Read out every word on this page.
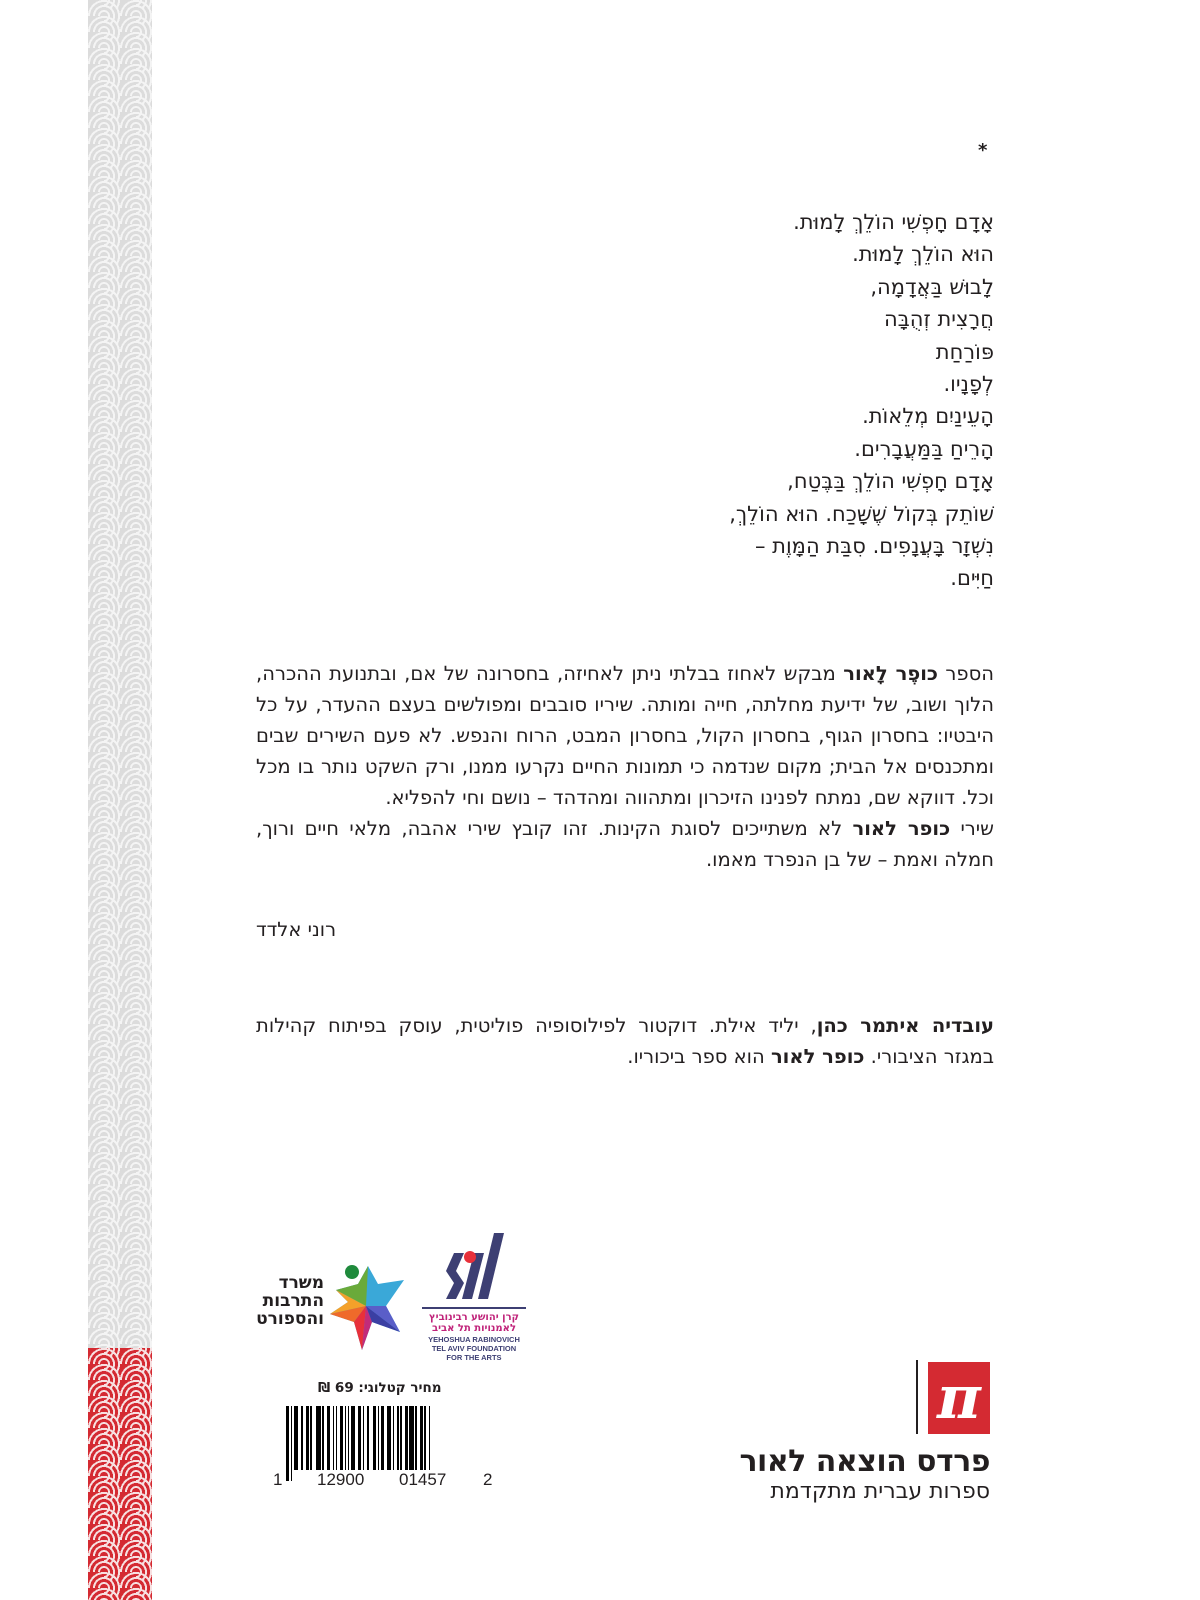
*
אָדָם חָפְשִׁי הוֹלֵךְ לָמוּת.
הוּא הוֹלֵךְ לָמוּת.
לָבוּשׁ בַּאֲדָמָה,
חֲרָצִית זְהֻבָּה
פּוֹרַחַת
לְפָנָיו.
הָעֵינַיִם מְלֵאוֹת.
הָרֵיחַ בַּמַּעֲבָרִים.
אָדָם חָפְשִׁי הוֹלֵךְ בַּבֶּטַח,
שׁוֹתֵק בְּקוֹל שֶׁשָּׁכַח. הוּא הוֹלֵךְ,
נִשְׁזָר בָּעֲנָפִים. סִבַּת הַמָּוֶת –
חַיִּים.

הספר כופֶר לָאור מבקש לאחוז בבלתי ניתן לאחיזה, בחסרונה של אם, ובתנועת ההכרה, הלוך ושוב, של ידיעת מחלתה, חייה ומותה. שיריו סובבים ומפולשים בעצם ההעדר, על כל היבטיו: בחסרון הגוף, בחסרון הקול, בחסרון המבט, הרוח והנפש. לא פעם השירים שבים ומתכנסים אל הבית; מקום שנדמה כי תמונות החיים נקרעו ממנו, ורק השקט נותר בו מכל וכל. דווקא שם, נמתח לפנינו הזיכרון ומתהווה ומהדהד – נושם וחי להפליא.

שירי כופר לאור לא משתייכים לסוגת הקינות. זהו קובץ שירי אהבה, מלאי חיים ורוך, חמלה ואמת – של בן הנפרד מאמו.

רוני אלדד
עובדיה איתמר כהן, יליד אילת. דוקטור לפילוסופיה פוליטית, עוסק בפיתוח קהילות במגזר הציבורי. כופר לאור הוא ספר ביכוריו.
משרד
התרבות
והספורט	קרן יהושע רבינוביץ
לאמנויות תל אביב
YEHOSHUA RABINOVICH
TEL AVIV FOUNDATION
FOR THE ARTS
מחיר קטלוגי: 69 ₪
1 12900 01457 2
π
פרדס הוצאה לאור
ספרות עברית מתקדמת
